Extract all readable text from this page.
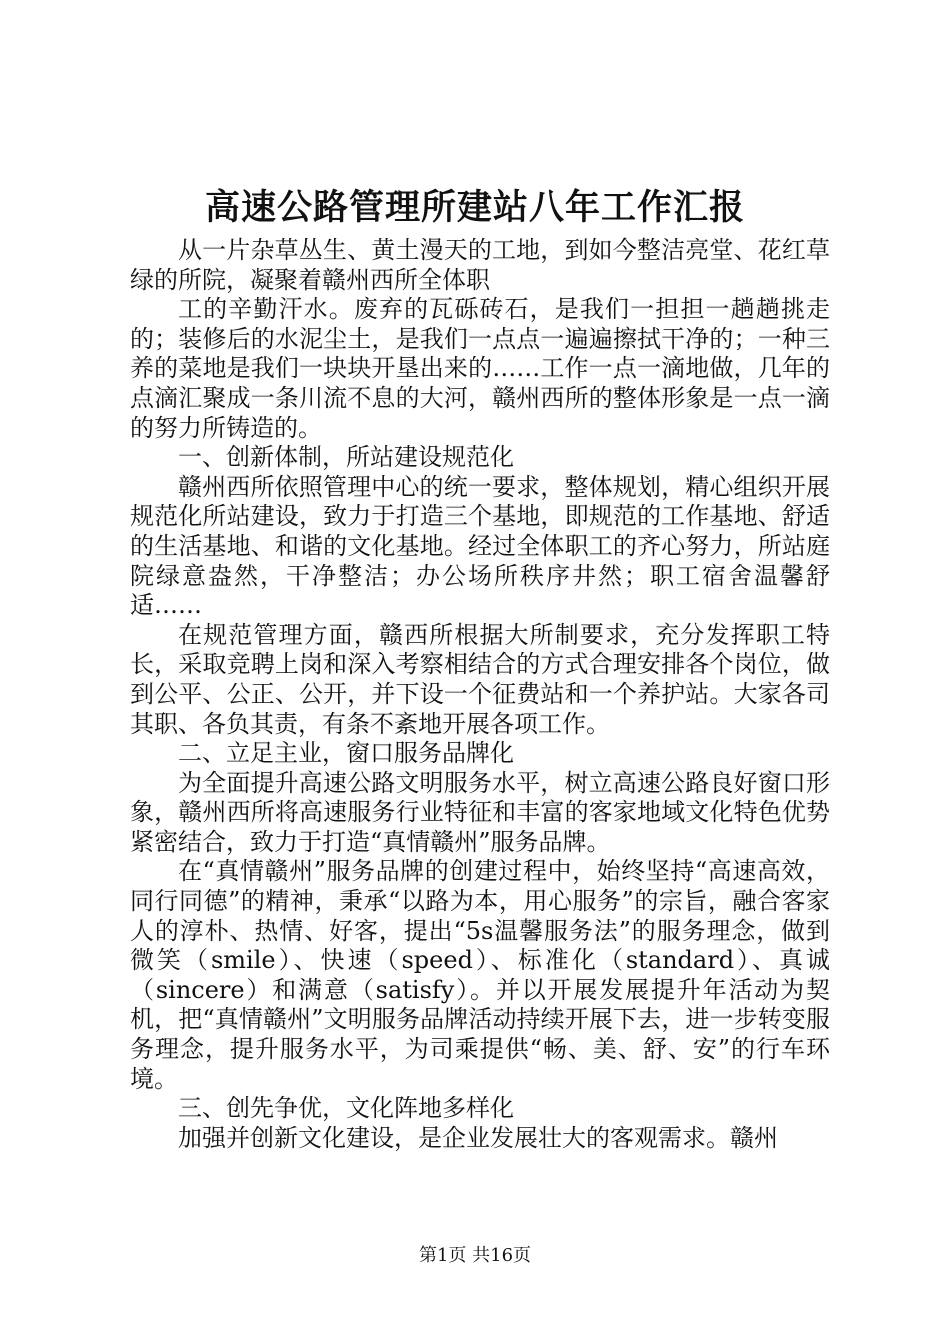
高速公路管理所建站八年工作汇报

从一片杂草丛生、黄土漫天的工地，到如今整洁亮堂、花红草绿的所院，凝聚着赣州西所全体职

工的辛勤汗水。废弃的瓦砾砖石，是我们一担担一趟趟挑走的；装修后的水泥尘土，是我们一点点一遍遍擦拭干净的；一种三养的菜地是我们一块块开垦出来的……工作一点一滴地做，几年的点滴汇聚成一条川流不息的大河，赣州西所的整体形象是一点一滴的努力所铸造的。

一、创新体制，所站建设规范化

赣州西所依照管理中心的统一要求，整体规划，精心组织开展规范化所站建设，致力于打造三个基地，即规范的工作基地、舒适的生活基地、和谐的文化基地。经过全体职工的齐心努力，所站庭院绿意盎然，干净整洁；办公场所秩序井然；职工宿舍温馨舒适……

在规范管理方面，赣西所根据大所制要求，充分发挥职工特长，采取竞聘上岗和深入考察相结合的方式合理安排各个岗位，做到公平、公正、公开，并下设一个征费站和一个养护站。大家各司其职、各负其责，有条不紊地开展各项工作。

二、立足主业，窗口服务品牌化

为全面提升高速公路文明服务水平，树立高速公路良好窗口形象，赣州西所将高速服务行业特征和丰富的客家地域文化特色优势紧密结合，致力于打造“真情赣州”服务品牌。

在“真情赣州”服务品牌的创建过程中，始终坚持“高速高效，同行同德”的精神，秉承“以路为本，用心服务”的宗旨，融合客家人的淳朴、热情、好客，提出“5s温馨服务法”的服务理念，做到微笑（smile）、快速（speed）、标准化（standard）、真诚（sincere）和满意（satisfy）。并以开展发展提升年活动为契机，把“真情赣州”文明服务品牌活动持续开展下去，进一步转变服务理念，提升服务水平，为司乘提供“畅、美、舒、安”的行车环境。

三、创先争优，文化阵地多样化

加强并创新文化建设，是企业发展壮大的客观需求。赣州

第1页 共16页
